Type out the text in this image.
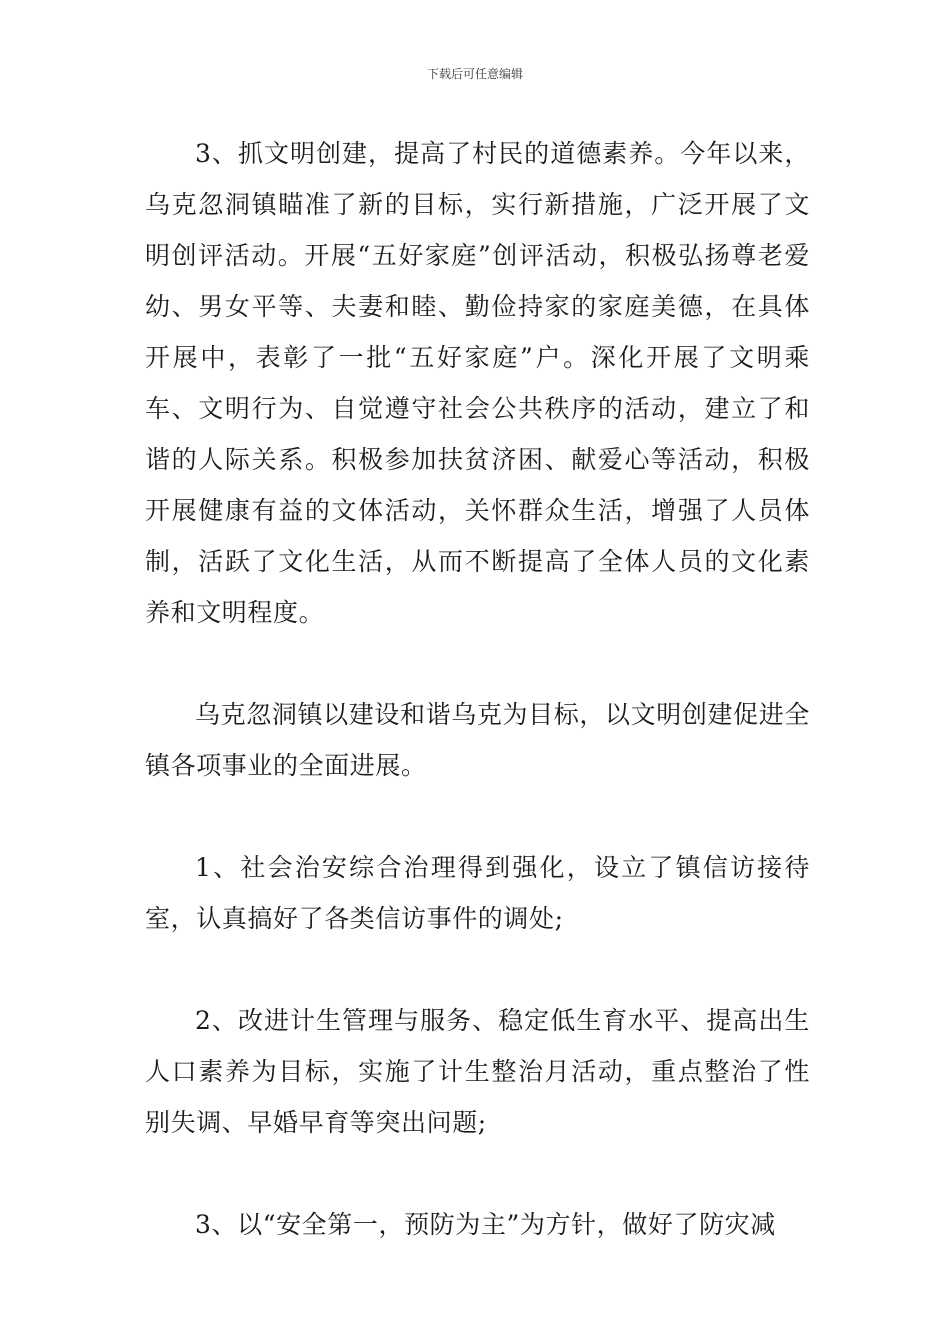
下载后可任意编辑

3、抓文明创建，提高了村民的道德素养。今年以来，乌克忽洞镇瞄准了新的目标，实行新措施，广泛开展了文明创评活动。开展“五好家庭”创评活动，积极弘扬尊老爱幼、男女平等、夫妻和睦、勤俭持家的家庭美德，在具体开展中，表彰了一批“五好家庭”户。深化开展了文明乘车、文明行为、自觉遵守社会公共秩序的活动，建立了和谐的人际关系。积极参加扶贫济困、献爱心等活动，积极开展健康有益的文体活动，关怀群众生活，增强了人员体制，活跃了文化生活，从而不断提高了全体人员的文化素养和文明程度。

乌克忽洞镇以建设和谐乌克为目标，以文明创建促进全镇各项事业的全面进展。

1、社会治安综合治理得到强化，设立了镇信访接待室，认真搞好了各类信访事件的调处;

2、改进计生管理与服务、稳定低生育水平、提高出生人口素养为目标，实施了计生整治月活动，重点整治了性别失调、早婚早育等突出问题;

3、以“安全第一，预防为主”为方针，做好了防灾减
